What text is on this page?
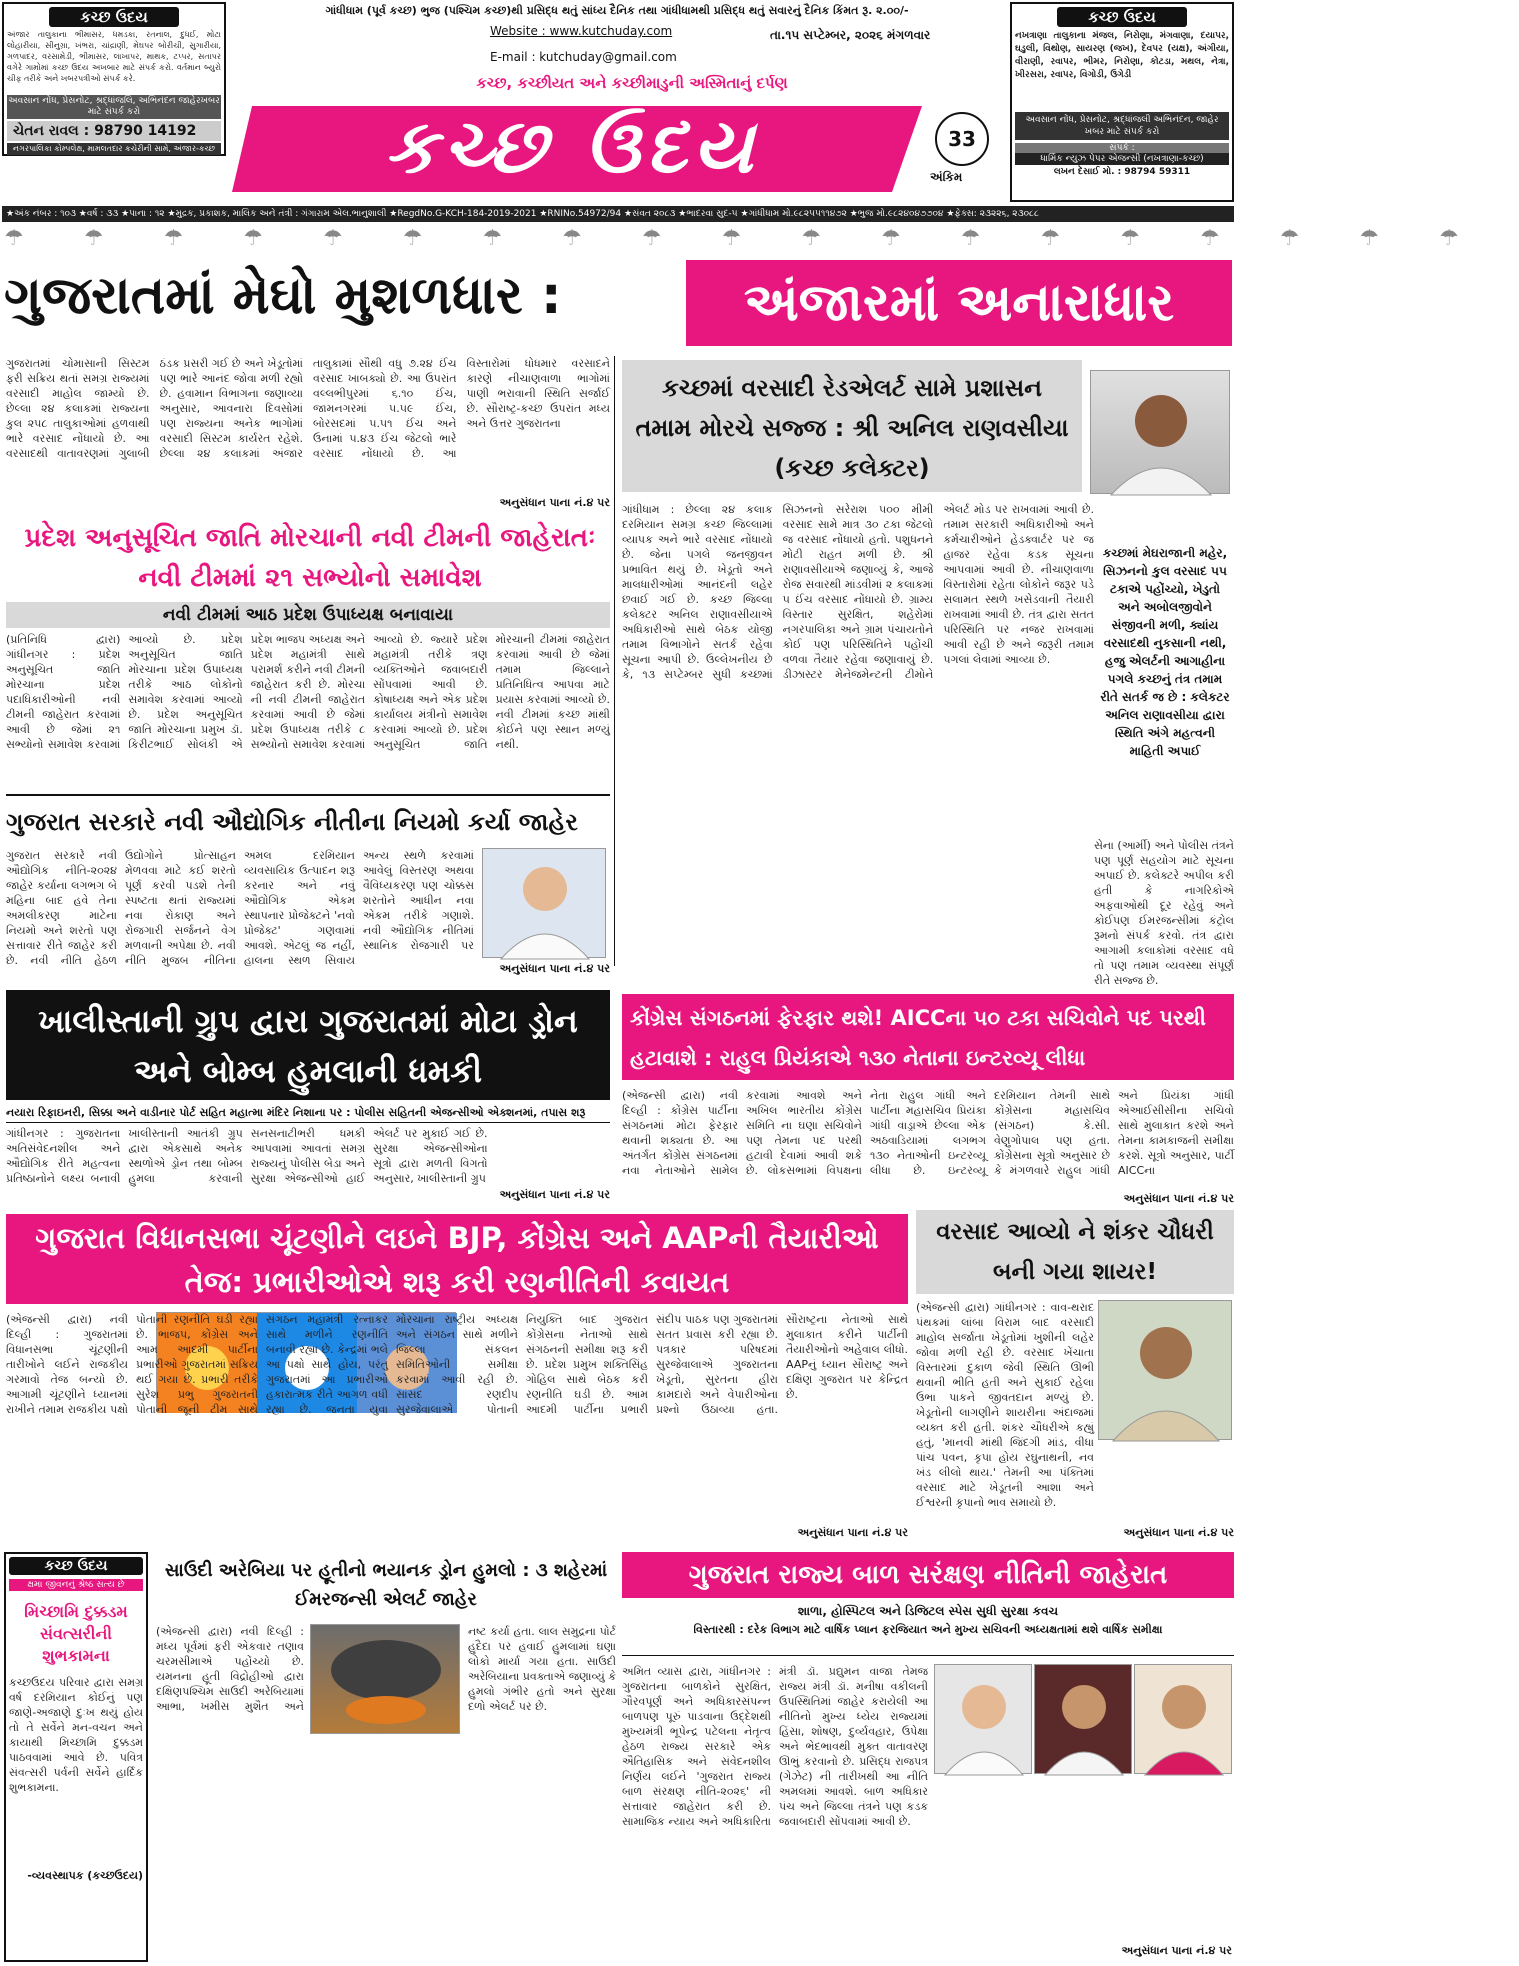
કચ્છ ઉદય
અંજાર તાલુકાના ભીમાસર, ધમડકા, રતનાલ, દુધઈ, મોટા લોહારીયા, સીનુગ્રા, ખંભરા, ચાંદ્રાણી, મેઘપર બોરીચી, સુગારીયા, ગળપાદર, વરસામેડી, ભીમાસર, લાખાપર, માથક, ટપ્પર, સતાપર વગેરે ગામોમાં કચ્છ ઉદય અખબાર માટે સંપર્ક કરો. વર્તમાન બ્યુરો ચીફ તરીકે અને ખબરપત્રીઓ સંપર્ક કરે.
અવસાન નોંધ, પ્રેસનોટ, શ્રદ્ધાંજલિ, અભિનંદન જાહેરખબર માટે સંપર્ક કરો
ચેતન રાવલ : 98790 14192
નગરપાલિકા કોમ્પલેક્ષ, મામલતદાર કચેરીની સામે, અંજાર-કચ્છ
ગાંધીધામ (પૂર્વ કચ્છ) ભુજ (પશ્ચિમ કચ્છ)થી પ્રસિદ્ધ થતું સાંધ્ય દૈનિક તથા ગાંધીધામથી પ્રસિદ્ધ થતું સવારનું દૈનિક કિંમત રૂ. ૨.૦૦/-
Website : www.kutchuday.com
E-mail : kutchuday@gmail.com
તા.૧૫ સપ્ટેમ્બર, ૨૦૨૬ મંગળવાર
કચ્છ, કચ્છીયત અને કચ્છીમાડુની અસ્મિતાનું દર્પણ
કચ્છ ઉદય	33
અંકિમ
કચ્છ ઉદય
નખત્રાણા તાલુકાના મંજલ, નિરોણા, મંગવાણા, દયાપર, ઘડુલી, વિથોણ, સાયરણ (જખ), દેવપર (યક્ષ), અંગીયા, વીરાણી, રવાપર, ભીમર, નિરોણા, કોટડા, મથલ, નેત્રા, ખીરસરા, રવાપર, વિગોડી, ઉગેડી
અવસાન નોંધ, પ્રેસનોટ, શ્રદ્ધાંજલી અભિનંદન, જાહેર ખબર માટે સંપર્ક કરો
સંપર્ક :
ધાર્મિક ન્યુઝ પેપર એજન્સી (નખત્રાણા-કચ્છ)
લખન દેસાઈ મો. : 98794 59311
★અંક નંબર : ૧૦૩ ★વર્ષ : ૩૩ ★પાના : ૧૨ ★મુદ્રક, પ્રકાશક, માલિક અને તંત્રી : ગંગારામ એલ.ભાનુશાલી ★RegdNo.G-KCH-184-2019-2021 ★RNINo.54972/94 ★સંવત ૨૦૮૩ ★ભાદરવા સુદ-૫ ★ગાંધીધામ મો.૯૮૨૫૫૧૧૪૭૨ ★ભુજ મો.૯૮૨૪૦૪૭૭૦૪ ★ફેક્સ: ૨૩૨૨૬, ૨૩૦૮૮
☂☂☂☂☂☂☂☂☂☂☂☂☂☂☂☂☂☂☂
ગુજરાતમાં મેઘો મુશળધાર :	અંજારમાં અનારાધાર
ગુજરાતમાં ચોમાસાની સિસ્ટમ ફરી સક્રિય થતાં સમગ્ર રાજ્યમાં વરસાદી માહોલ જામ્યો છે. છેલ્લા ૨૪ કલાકમાં રાજ્યના કુલ ૨૫૮ તાલુકાઓમાં હળવાથી ભારે વરસાદ નોંધાયો છે. આ વરસાદથી વાતાવરણમાં ગુલાબી ઠંડક પ્રસરી ગઈ છે અને ખેડૂતોમાં પણ ભારે આનંદ જોવા મળી રહ્યો છે. હવામાન વિભાગના જણાવ્યા અનુસાર, આવનારા દિવસોમાં પણ રાજ્યના અનેક ભાગોમાં વરસાદી સિસ્ટમ કાર્યરત રહેશે. છેલ્લા ૨૪ કલાકમાં અંજાર તાલુકામાં સૌથી વધુ ૭.૨૪ ઈંચ વરસાદ ખાબક્યો છે. આ ઉપરાંત વલ્લભીપુરમાં ૬.૧૦ ઈંચ, જામનગરમાં ૫.૫૯ ઈંચ, બોરસદમાં ૫.૫૧ ઈંચ અને ઉનામાં ૫.૪૩ ઈંચ જેટલો ભારે વરસાદ નોંધાયો છે. આ વિસ્તારોમાં ધોધમાર વરસાદને કારણે નીચાણવાળા ભાગોમાં પાણી ભરાવાની સ્થિતિ સર્જાઈ છે. સૌરાષ્ટ્ર-કચ્છ ઉપરાંત મધ્ય અને ઉત્તર ગુજરાતના
અનુસંધાન પાના નં.૪ પર
કચ્છમાં વરસાદી રેડએલર્ટ સામે પ્રશાસન તમામ મોરચે સજ્જ : શ્રી અનિલ રાણવસીયા (કચ્છ કલેક્ટર)
ગાંધીધામ : છેલ્લા ૨૪ કલાક દરમિયાન સમગ્ર કચ્છ જિલ્લામાં વ્યાપક અને ભારે વરસાદ નોંધાયો છે. જેના પગલે જનજીવન પ્રભાવિત થયું છે. ખેડૂતો અને માલધારીઓમાં આનંદની લહેર છવાઈ ગઈ છે. કચ્છ જિલ્લા કલેક્ટર અનિલ રાણાવસીયાએ અધિકારીઓ સાથે બેઠક યોજી તમામ વિભાગોને સતર્ક રહેવા સૂચના આપી છે. ઉલ્લેખનીય છે કે, ૧૩ સપ્ટેમ્બર સુધી કચ્છમાં સિઝનનો સરેરાશ ૫૦૦ મીમી વરસાદ સામે માત્ર ૩૦ ટકા જેટલો જ વરસાદ નોંધાયો હતો. પશુધનને મોટી રાહત મળી છે. શ્રી રાણાવસીયાએ જણાવ્યું કે, આજે રોજ સવારથી માંડવીમાં ૨ કલાકમાં ૫ ઈંચ વરસાદ નોંધાયો છે. ગ્રામ્ય વિસ્તાર સુરક્ષિત, શહેરોમાં નગરપાલિકા અને ગ્રામ પંચાયતોને કોઈ પણ પરિસ્થિતિને પહોંચી વળવા તૈયાર રહેવા જણાવાયું છે. ડીઝાસ્ટર મેનેજમેન્ટની ટીમોને એલર્ટ મોડ પર રાખવામાં આવી છે. તમામ સરકારી અધિકારીઓ અને કર્મચારીઓને હેડક્વાર્ટર પર જ હાજર રહેવા કડક સૂચના આપવામાં આવી છે. નીચાણવાળા વિસ્તારોમાં રહેતા લોકોને જરૂર પડે સલામત સ્થળે ખસેડવાની તૈયારી રાખવામાં આવી છે. તંત્ર દ્વારા સતત પરિસ્થિતિ પર નજર રાખવામાં આવી રહી છે અને જરૂરી તમામ પગલાં લેવામાં આવ્યા છે.
કચ્છમાં મેઘરાજાની મહેર, સિઝનનો કુલ વરસાદ ૫૫ ટકાએ પહોંચ્યો, ખેડુતો અને અબોલજીવોને સંજીવની મળી, ક્યાંય વરસાદથી નુકસાની નથી, હજુ એલર્ટની આગાહીના પગલે કચ્છનું તંત્ર તમામ રીતે સતર્ક જ છે : કલેકટર અનિલ રાણાવસીયા દ્વારા સ્થિતિ અંગે મહત્વની માહિતી અપાઈ
સેના (આર્મી) અને પોલીસ તંત્રને પણ પૂર્ણ સહયોગ માટે સૂચના અપાઈ છે. કલેક્ટરે અપીલ કરી હતી કે નાગરિકોએ અફવાઓથી દૂર રહેવું અને કોઈપણ ઈમરજન્સીમાં કંટ્રોલ રૂમનો સંપર્ક કરવો. તંત્ર દ્વારા આગામી કલાકોમાં વરસાદ વધે તો પણ તમામ વ્યવસ્થા સંપૂર્ણ રીતે સજ્જ છે.
પ્રદેશ અનુસૂચિત જાતિ મોરચાની નવી ટીમની જાહેરાતઃ નવી ટીમમાં ૨૧ સભ્યોનો સમાવેશ
નવી ટીમમાં આઠ પ્રદેશ ઉપાધ્યક્ષ બનાવાયા
(પ્રતિનિધિ દ્વારા) ગાંધીનગર : પ્રદેશ અનુસૂચિત જાતિ મોરચાના પ્રદેશ પદાધિકારીઓની નવી ટીમની જાહેરાત કરવામાં આવી છે જેમાં ૨૧ સભ્યોનો સમાવેશ કરવામાં આવ્યો છે. પ્રદેશ અનુસૂચિત જાતિ મોરચાના પ્રદેશ ઉપાધ્યક્ષ તરીકે આઠ લોકોનો સમાવેશ કરવામાં આવ્યો છે. પ્રદેશ અનુસૂચિત જાતિ મોરચાના પ્રમુખ ડૉ. કિરીટભાઈ સોલંકી એ પ્રદેશ ભાજપ અધ્યક્ષ અને પ્રદેશ મહામંત્રી સાથે પરામર્શ કરીને નવી ટીમની જાહેરાત કરી છે. મોરચા ની નવી ટીમની જાહેરાત કરવામાં આવી છે જેમાં પ્રદેશ ઉપાધ્યક્ષ તરીકે ૮ સભ્યોનો સમાવેશ કરવામાં આવ્યો છે. જ્યારે પ્રદેશ મહામંત્રી તરીકે ત્રણ વ્યક્તિઓને જવાબદારી સોંપવામાં આવી છે. કોષાધ્યક્ષ અને એક પ્રદેશ કાર્યાલય મંત્રીનો સમાવેશ કરવામાં આવ્યો છે. પ્રદેશ અનુસૂચિત જાતિ મોરચાની ટીમમાં જાહેરાત કરવામાં આવી છે જેમાં તમામ જિલ્લાને પ્રતિનિધિત્વ આપવા માટે પ્રયાસ કરવામાં આવ્યો છે. નવી ટીમમાં કચ્છ માંથી કોઈને પણ સ્થાન મળ્યું નથી.
ગુજરાત સરકારે નવી ઔદ્યોગિક નીતીના નિયમો કર્યા જાહેર
ગુજરાત સરકારે નવી ઔદ્યોગિક નીતિ-૨૦૨૪ જાહેર કર્યાના લગભગ બે મહિના બાદ હવે તેના અમલીકરણ માટેના નિયમો અને શરતો પણ સત્તાવાર રીતે જાહેર કરી છે. નવી નીતિ હેઠળ ઉદ્યોગોને પ્રોત્સાહન મેળવવા માટે કઈ શરતો પૂર્ણ કરવી પડશે તેની સ્પષ્ટતા થતાં રાજ્યમાં નવા રોકાણ અને રોજગારી સર્જનને વેગ મળવાની અપેક્ષા છે. નવી નીતિ મુજબ નીતિના અમલ દરમિયાન વ્યવસાયિક ઉત્પાદન શરૂ કરનાર અને નવું ઔદ્યોગિક એકમ સ્થાપનાર પ્રોજેક્ટને 'નવો પ્રોજેક્ટ' ગણવામાં આવશે. એટલું જ નહીં, હાલના સ્થળ સિવાય અન્ય સ્થળે કરવામાં આવેલું વિસ્તરણ અથવા વૈવિધ્યકરણ પણ ચોક્કસ શરતોને આધીન નવા એકમ તરીકે ગણાશે. નવી ઔદ્યોગિક નીતિમાં સ્થાનિક રોજગારી પર
અનુસંધાન પાના નં.૪ પર
ખાલીસ્તાની ગ્રુપ દ્વારા ગુજરાતમાં મોટા ડ્રોન અને બોમ્બ હુમલાની ધમકી
નયારા રિફાઇનરી, સિક્કા અને વાડીનાર પોર્ટ સહિત મહાત્મા મંદિર નિશાના પર : પોલીસ સહિતની એજન્સીઓ એક્શનમાં, તપાસ શરૂ
ગાંધીનગર : ગુજરાતના અતિસંવેદનશીલ અને ઔદ્યોગિક રીતે મહત્વના પ્રતિષ્ઠાનોને લક્ષ્ય બનાવી ખાલીસ્તાની આતંકી ગ્રુપ દ્વારા એકસાથે અનેક સ્થળોએ ડ્રોન તથા બોમ્બ હુમલા કરવાની સનસનાટીભરી ધમકી આપવામાં આવતાં સમગ્ર રાજ્યનું પોલીસ બેડા અને સુરક્ષા એજન્સીઓ હાઈ એલર્ટ પર મુકાઈ ગઈ છે. સુરક્ષા એજન્સીઓના સૂત્રો દ્વારા મળતી વિગતો અનુસાર, ખાલીસ્તાની ગ્રુપ
અનુસંધાન પાના નં.૪ પર
કોંગ્રેસ સંગઠનમાં ફેરફાર થશે! AICCના ૫૦ ટકા સચિવોને પદ પરથી હટાવાશે : રાહુલ પ્રિયંકાએ ૧૩૦ નેતાના ઇન્ટરવ્યૂ લીધા
(એજન્સી દ્વારા) નવી દિલ્હી : કોંગ્રેસ પાર્ટીના સંગઠનમાં મોટા ફેરફાર થવાની શક્યતા છે. આ અંતર્ગત કોંગ્રેસ સંગઠનમાં નવા નેતાઓને સામેલ કરવામાં આવશે અને અખિલ ભારતીય કોંગ્રેસ સમિતિ ના ઘણા સચિવોને પણ તેમના પદ પરથી હટાવી દેવામાં આવી શકે છે. લોકસભામાં વિપક્ષના નેતા રાહુલ ગાંધી અને પાર્ટીના મહાસચિવ પ્રિયંકા ગાંધી વાડ્રાએ છેલ્લા એક અઠવાડિયામાં લગભગ ૧૩૦ નેતાઓની ઇન્ટરવ્યૂ લીધા છે. ઇન્ટરવ્યૂ દરમિયાન તેમની સાથે કોંગ્રેસના મહાસચિવ (સંગઠન) કે.સી. વેણુગોપાલ પણ હતા. કોંગ્રેસના સૂત્રો અનુસાર છે કે મંગળવારે રાહુલ ગાંધી અને પ્રિયંકા ગાંધી એઆઈસીસીના સચિવો સાથે મુલાકાત કરશે અને તેમના કામકાજની સમીક્ષા કરશે. સૂત્રો અનુસાર, પાર્ટી AICCના
અનુસંધાન પાના નં.૪ પર
ગુજરાત વિધાનસભા ચૂંટણીને લઇને BJP, કોંગ્રેસ અને AAPની તૈયારીઓ તેજ: પ્રભારીઓએ શરૂ કરી રણનીતિની કવાયત
(એજન્સી દ્વારા) નવી દિલ્હી : ગુજરાતમાં વિધાનસભા ચૂંટણીની તારીખોને લઈને રાજકીય ગરમાવો તેજ બન્યો છે. આગામી ચૂંટણીને ધ્યાનમાં રાખીને તમામ રાજકીય પક્ષો પોતાની રણનીતિ ઘડી રહ્યા છે. ભાજપ, કોંગ્રેસ અને આમ આદમી પાર્ટીના પ્રભારીઓ ગુજરાતમાં સક્રિય થઈ ગયા છે. પ્રભારી તરીકે સુરેશ પ્રભુ ગુજરાતની પોતાની જૂની ટીમ સાથે સંગઠન મહામંત્રી રત્નાકર સાથે મળીને રણનીતિ બનાવી રહ્યા છે. કેન્દ્રમાં ભલે આ પક્ષો સાથે હોય, પરંતુ ગુજરાતમાં આ પ્રભારીઓ હકારાત્મક રીતે આગળ વધી રહ્યા છે. જનતા યુવા મોરચાના રાષ્ટ્રીય અધ્યક્ષ અને સંગઠન સાથે મળીને જિલ્લા સંકલન સમિતિઓની સમીક્ષા કરવામાં આવી રહી છે. સાંસદ રણદીપ સુરજેવાલાએ પોતાની નિયુક્તિ બાદ ગુજરાત કોંગ્રેસના નેતાઓ સાથે સંગઠનની સમીક્ષા શરૂ કરી છે. પ્રદેશ પ્રમુખ શક્તિસિંહ ગોહિલ સાથે બેઠક કરી રણનીતિ ઘડી છે. આમ આદમી પાર્ટીના પ્રભારી સંદીપ પાઠક પણ ગુજરાતમાં સતત પ્રવાસ કરી રહ્યા છે. પત્રકાર પરિષદમાં સુરજેવાલાએ ગુજરાતના ખેડૂતો, સુરતના હીરા કામદારો અને વેપારીઓના પ્રશ્નો ઉઠાવ્યા હતા. સૌરાષ્ટ્રના નેતાઓ સાથે મુલાકાત કરીને પાર્ટીની તૈયારીઓનો અહેવાલ લીધો. AAPનું ધ્યાન સૌરાષ્ટ્ર અને દક્ષિણ ગુજરાત પર કેન્દ્રિત છે.
અનુસંધાન પાના નં.૪ પર
વરસાદ આવ્યો ને શંકર ચૌધરી બની ગયા શાયર!
(એજન્સી દ્વારા) ગાંધીનગર : વાવ-થરાદ પંથકમાં લાંબા વિરામ બાદ વરસાદી માહોલ સર્જાતા ખેડૂતોમાં ખુશીની લહેર જોવા મળી રહી છે. વરસાદ ખેંચાતા વિસ્તારમાં દુકાળ જેવી સ્થિતિ ઊભી થવાની ભીતિ હતી અને સુકાઈ રહેલા ઉભા પાકને જીવતદાન મળ્યું છે. ખેડૂતોની લાગણીને શાયરીના અંદાજમાં વ્યક્ત કરી હતી. શંકર ચૌધરીએ કહ્યું હતું, 'માનવી માંથી જિંદગી માંડ, વીધા પાંચ પવન, કૃપા હોય રઘુનાથની, નવ ખંડ લીલો થાય.' તેમની આ પંક્તિમાં વરસાદ માટે ખેડૂતની આશા અને ઈશ્વરની કૃપાનો ભાવ સમાયો છે.
અનુસંધાન પાના નં.૪ પર
કચ્છ ઉદય
ક્ષમા જીવનનું શ્રેષ્ઠ સત્ય છે
મિચ્છામિ દુક્કડમ સંવત્સરીની શુભકામના
કચ્છઉદય પરિવાર દ્વારા સમગ્ર વર્ષ દરમિયાન કોઈનું પણ જાણે-અજાણે દુઃખ થયું હોય તો તે સર્વેને મન-વચન અને કાયાથી મિચ્છામિ દુક્કડમ પાઠવવામાં આવે છે. પવિત્ર સંવત્સરી પર્વની સર્વેને હાર્દિક શુભકામના.
-વ્યવસ્થાપક (કચ્છઉદય)
સાઉદી અરેબિયા પર હૂતીનો ભયાનક ડ્રોન હુમલો : ૩ શહેરમાં ઈમરજન્સી એલર્ટ જાહેર
(એજન્સી દ્વારા) નવી દિલ્હી : મધ્ય પૂર્વમાં ફરી એકવાર તણાવ ચરમસીમાએ પહોંચ્યો છે. યમનના હૂતી વિદ્રોહીઓ દ્વારા દક્ષિણપશ્ચિમ સાઉદી અરેબિયામાં આભા, ખમીસ મુશૈત અને નષ્ટ કર્યા હતા. લાલ સમુદ્રના પોર્ટ હુદૈદા પર હવાઈ હુમલામાં ઘણા લોકો માર્યા ગયા હતા. સાઉદી અરેબિયાના પ્રવક્તાએ જણાવ્યું કે હુમલો ગંભીર હતો અને સુરક્ષા દળો એલર્ટ પર છે.
ગુજરાત રાજ્ય બાળ સરંક્ષણ નીતિની જાહેરાત
શાળા, હોસ્પિટલ અને ડિજિટલ સ્પેસ સુધી સુરક્ષા કવચ
વિસ્તારથી : દરેક વિભાગ માટે વાર્ષિક પ્લાન ફરજિયાત અને મુખ્ય સચિવની અધ્યક્ષતામાં થશે વાર્ષિક સમીક્ષા
અમિત વ્યાસ દ્વારા, ગાંધીનગર : ગુજરાતના બાળકોને સુરક્ષિત, ગૌરવપૂર્ણ અને અધિકારસંપન્ન બાળપણ પૂરું પાડવાના ઉદ્દેશથી મુખ્યમંત્રી ભૂપેન્દ્ર પટેલના નેતૃત્વ હેઠળ રાજ્ય સરકારે એક ઐતિહાસિક અને સંવેદનશીલ નિર્ણય લઈને 'ગુજરાત રાજ્ય બાળ સંરક્ષણ નીતિ-૨૦૨૬' ની સત્તાવાર જાહેરાત કરી છે. સામાજિક ન્યાય અને અધિકારિતા મંત્રી ડૉ. પ્રદ્યુમન વાજા તેમજ રાજ્ય મંત્રી ડૉ. મનીષા વકીલની ઉપસ્થિતિમાં જાહેર કરાયેલી આ નીતિનો મુખ્ય ધ્યેય રાજ્યમાં હિંસા, શોષણ, દુર્વ્યવહાર, ઉપેક્ષા અને ભેદભાવથી મુક્ત વાતાવરણ ઊભું કરવાનો છે. પ્રસિદ્ધ રાજપત્ર (ગેઝેટ) ની તારીખથી આ નીતિ અમલમાં આવશે. બાળ અધિકાર પંચ અને જિલ્લા તંત્રને પણ કડક જવાબદારી સોંપવામાં આવી છે.
અનુસંધાન પાના નં.૪ પર
